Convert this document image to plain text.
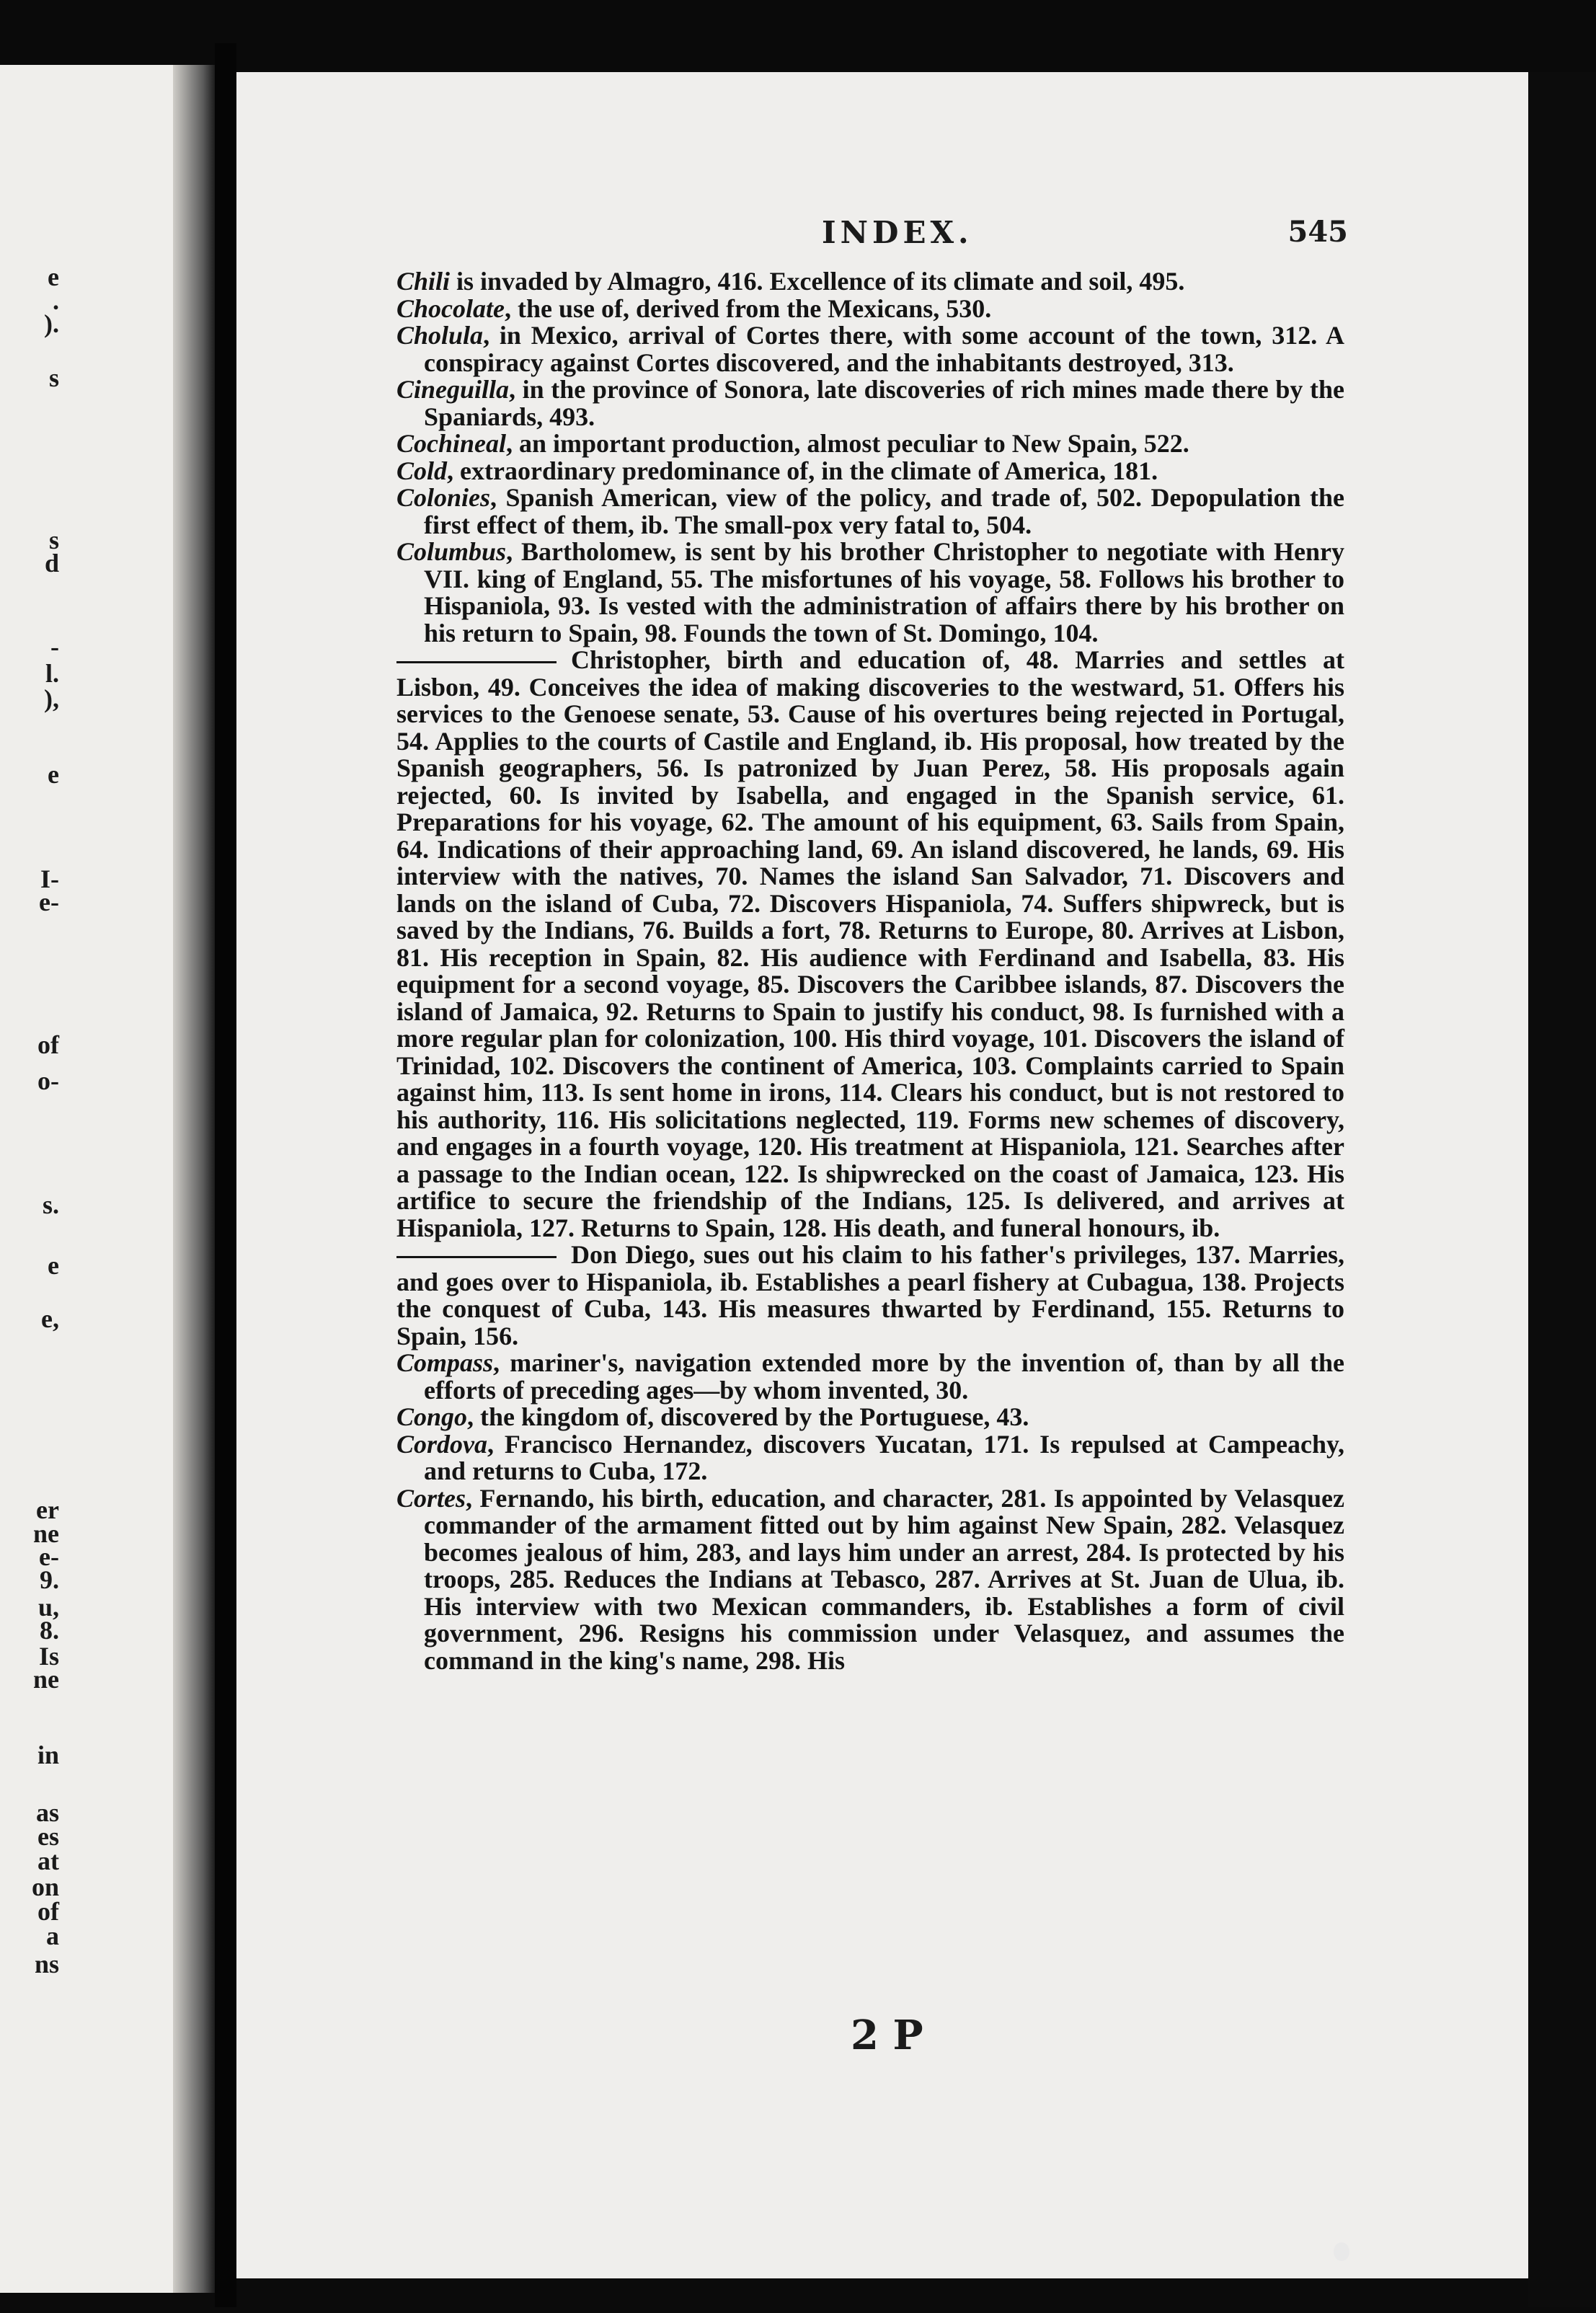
e
.
).
s
s
d
-
l.
),
e
I-
e-
of
o-
s.
e
e,
er
ne
e-
9.
u,
8.
Is
ne
in
as
es
at
on
of
a
ns
INDEX.	545
Chili is invaded by Almagro, 416. Excellence of its climate and soil, 495.
Chocolate, the use of, derived from the Mexicans, 530.
Cholula, in Mexico, arrival of Cortes there, with some account of the town, 312. A conspiracy against Cortes discovered, and the inhabitants destroyed, 313.
Cineguilla, in the province of Sonora, late discoveries of rich mines made there by the Spaniards, 493.
Cochineal, an important production, almost peculiar to New Spain, 522.
Cold, extraordinary predominance of, in the climate of America, 181.
Colonies, Spanish American, view of the policy, and trade of, 502. Depopulation the first effect of them, ib. The small-pox very fatal to, 504.
Columbus, Bartholomew, is sent by his brother Christopher to negotiate with Henry VII. king of England, 55. The misfortunes of his voyage, 58. Follows his brother to Hispaniola, 93. Is vested with the administration of affairs there by his brother on his return to Spain, 98. Founds the town of St. Domingo, 104.
Christopher, birth and education of, 48. Marries and settles at Lisbon, 49. Conceives the idea of making discoveries to the westward, 51. Offers his services to the Genoese senate, 53. Cause of his overtures being rejected in Portugal, 54. Applies to the courts of Castile and England, ib. His proposal, how treated by the Spanish geographers, 56. Is patronized by Juan Perez, 58. His proposals again rejected, 60. Is invited by Isabella, and engaged in the Spanish service, 61. Preparations for his voyage, 62. The amount of his equipment, 63. Sails from Spain, 64. Indications of their approaching land, 69. An island discovered, he lands, 69. His interview with the natives, 70. Names the island San Salvador, 71. Discovers and lands on the island of Cuba, 72. Discovers Hispaniola, 74. Suffers shipwreck, but is saved by the Indians, 76. Builds a fort, 78. Returns to Europe, 80. Arrives at Lisbon, 81. His reception in Spain, 82. His audience with Ferdinand and Isabella, 83. His equipment for a second voyage, 85. Discovers the Caribbee islands, 87. Discovers the island of Jamaica, 92. Returns to Spain to justify his conduct, 98. Is furnished with a more regular plan for colonization, 100. His third voyage, 101. Discovers the island of Trinidad, 102. Discovers the continent of America, 103. Complaints carried to Spain against him, 113. Is sent home in irons, 114. Clears his conduct, but is not restored to his authority, 116. His solicitations neglected, 119. Forms new schemes of discovery, and engages in a fourth voyage, 120. His treatment at Hispaniola, 121. Searches after a passage to the Indian ocean, 122. Is shipwrecked on the coast of Jamaica, 123. His artifice to secure the friendship of the Indians, 125. Is delivered, and arrives at Hispaniola, 127. Returns to Spain, 128. His death, and funeral honours, ib.
Don Diego, sues out his claim to his father's privileges, 137. Marries, and goes over to Hispaniola, ib. Establishes a pearl fishery at Cubagua, 138. Projects the conquest of Cuba, 143. His measures thwarted by Ferdinand, 155. Returns to Spain, 156.
Compass, mariner's, navigation extended more by the invention of, than by all the efforts of preceding ages—by whom invented, 30.
Congo, the kingdom of, discovered by the Portuguese, 43.
Cordova, Francisco Hernandez, discovers Yucatan, 171. Is repulsed at Campeachy, and returns to Cuba, 172.
Cortes, Fernando, his birth, education, and character, 281. Is appointed by Velasquez commander of the armament fitted out by him against New Spain, 282. Velasquez becomes jealous of him, 283, and lays him under an arrest, 284. Is protected by his troops, 285. Reduces the Indians at Tebasco, 287. Arrives at St. Juan de Ulua, ib. His interview with two Mexican commanders, ib. Establishes a form of civil government, 296. Resigns his commission under Velasquez, and assumes the command in the king's name, 298. His
2 P
